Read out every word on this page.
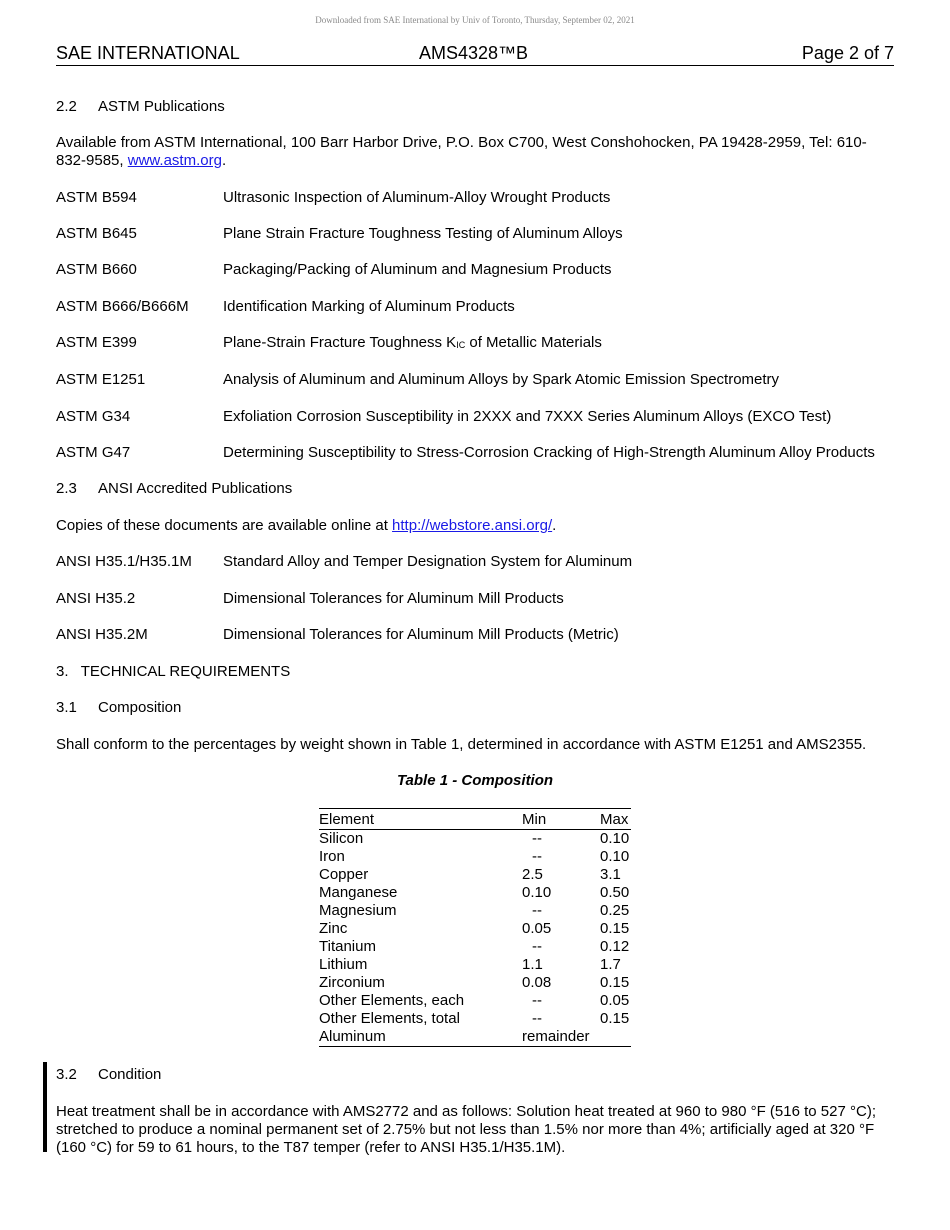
Downloaded from SAE International by Univ of Toronto, Thursday, September 02, 2021
SAE INTERNATIONAL	AMS4328™B	Page 2 of 7
2.2 ASTM Publications
Available from ASTM International, 100 Barr Harbor Drive, P.O. Box C700, West Conshohocken, PA 19428-2959, Tel: 610-832-9585, www.astm.org.
ASTM B594	Ultrasonic Inspection of Aluminum-Alloy Wrought Products
ASTM B645	Plane Strain Fracture Toughness Testing of Aluminum Alloys
ASTM B660	Packaging/Packing of Aluminum and Magnesium Products
ASTM B666/B666M	Identification Marking of Aluminum Products
ASTM E399	Plane-Strain Fracture Toughness $K_{IC}$ of Metallic Materials
ASTM E1251	Analysis of Aluminum and Aluminum Alloys by Spark Atomic Emission Spectrometry
ASTM G34	Exfoliation Corrosion Susceptibility in 2XXX and 7XXX Series Aluminum Alloys (EXCO Test)
ASTM G47	Determining Susceptibility to Stress-Corrosion Cracking of High-Strength Aluminum Alloy Products
2.3 ANSI Accredited Publications
Copies of these documents are available online at http://webstore.ansi.org/.
ANSI H35.1/H35.1M	Standard Alloy and Temper Designation System for Aluminum
ANSI H35.2	Dimensional Tolerances for Aluminum Mill Products
ANSI H35.2M	Dimensional Tolerances for Aluminum Mill Products (Metric)
3.   TECHNICAL REQUIREMENTS
3.1 Composition
Shall conform to the percentages by weight shown in Table 1, determined in accordance with ASTM E1251 and AMS2355.
Table 1 - Composition
Element	Min	Max
Silicon	--	0.10
Iron	--	0.10
Copper	2.5	3.1
Manganese	0.10	0.50
Magnesium	--	0.25
Zinc	0.05	0.15
Titanium	--	0.12
Lithium	1.1	1.7
Zirconium	0.08	0.15
Other Elements, each	--	0.05
Other Elements, total	--	0.15
Aluminum	remainder	
3.2 Condition
Heat treatment shall be in accordance with AMS2772 and as follows: Solution heat treated at 960 to 980 °F (516 to 527 °C); stretched to produce a nominal permanent set of 2.75% but not less than 1.5% nor more than 4%; artificially aged at 320 °F (160 °C) for 59 to 61 hours, to the T87 temper (refer to ANSI H35.1/H35.1M).
